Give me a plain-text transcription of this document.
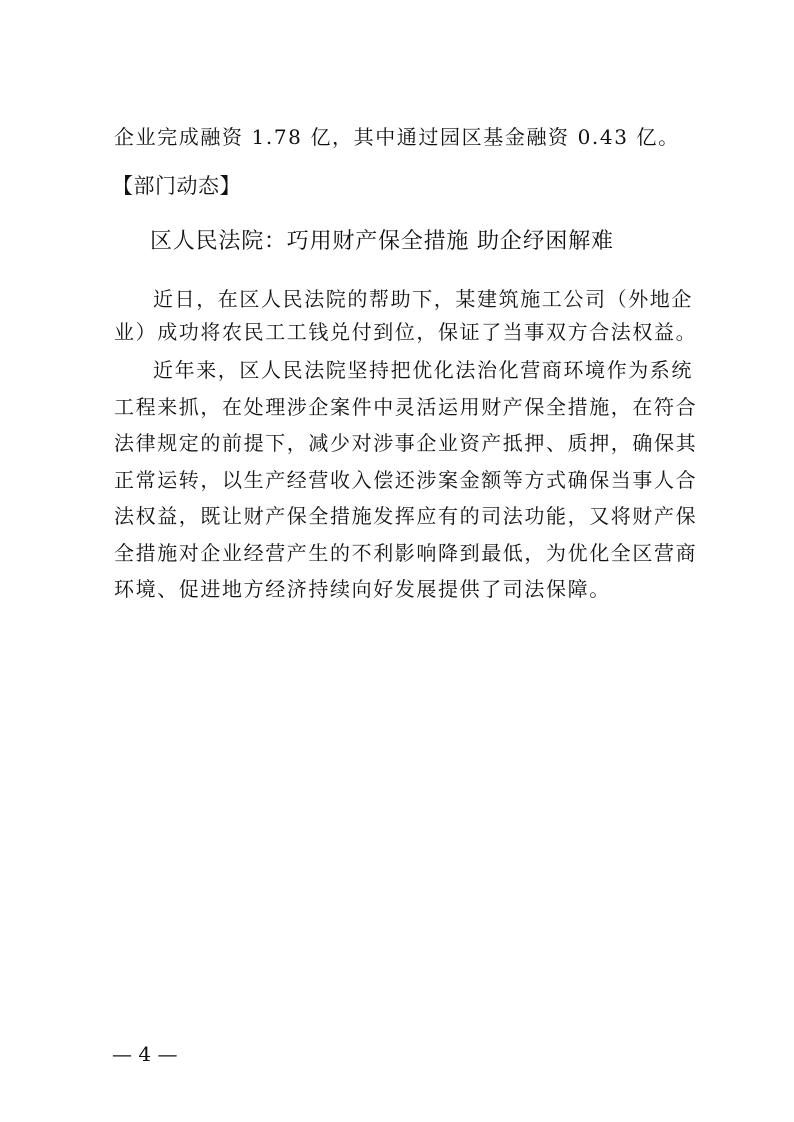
企业完成融资 1.78 亿，其中通过园区基金融资 0.43 亿。
【部门动态】
区人民法院：巧用财产保全措施 助企纾困解难
近日，在区人民法院的帮助下，某建筑施工公司（外地企
业）成功将农民工工钱兑付到位，保证了当事双方合法权益。
近年来，区人民法院坚持把优化法治化营商环境作为系统
工程来抓，在处理涉企案件中灵活运用财产保全措施，在符合
法律规定的前提下，减少对涉事企业资产抵押、质押，确保其
正常运转，以生产经营收入偿还涉案金额等方式确保当事人合
法权益，既让财产保全措施发挥应有的司法功能，又将财产保
全措施对企业经营产生的不利影响降到最低，为优化全区营商
环境、促进地方经济持续向好发展提供了司法保障。
— 4 —
